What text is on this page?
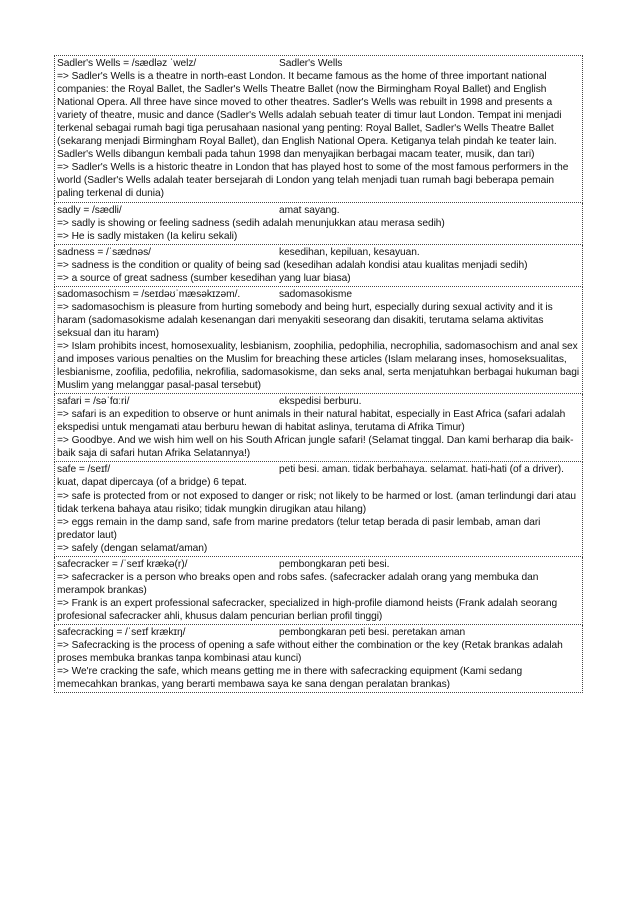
Sadler's Wells = /sædləz ˈwelz/	Sadler's Wells
=> Sadler's Wells is a theatre in north-east London. It became famous as the home of three important national companies: the Royal Ballet, the Sadler's Wells Theatre Ballet (now the Birmingham Royal Ballet) and English National Opera. All three have since moved to other theatres. Sadler's Wells was rebuilt in 1998 and presents a variety of theatre, music and dance (Sadler's Wells adalah sebuah teater di timur laut London. Tempat ini menjadi terkenal sebagai rumah bagi tiga perusahaan nasional yang penting: Royal Ballet, Sadler's Wells Theatre Ballet (sekarang menjadi Birmingham Royal Ballet), dan English National Opera. Ketiganya telah pindah ke teater lain. Sadler's Wells dibangun kembali pada tahun 1998 dan menyajikan berbagai macam teater, musik, dan tari)
=> Sadler's Wells is a historic theatre in London that has played host to some of the most famous performers in the world (Sadler's Wells adalah teater bersejarah di London yang telah menjadi tuan rumah bagi beberapa pemain paling terkenal di dunia)
sadly = /sædli/	amat sayang.
=> sadly is showing or feeling sadness (sedih adalah menunjukkan atau merasa sedih)
=> He is sadly mistaken (Ia keliru sekali)
sadness = /ˈsædnəs/	kesedihan, kepiluan, kesayuan.
=> sadness is the condition or quality of being sad (kesedihan adalah kondisi atau kualitas menjadi sedih)
=> a source of great sadness (sumber kesedihan yang luar biasa)
sadomasochism = /seɪdəʊˈmæsəkɪzəm/.	sadomasokisme
=> sadomasochism is pleasure from hurting somebody and being hurt, especially during sexual activity and it is haram (sadomasokisme adalah kesenangan dari menyakiti seseorang dan disakiti, terutama selama aktivitas seksual dan itu haram)
=> Islam prohibits incest, homosexuality, lesbianism, zoophilia, pedophilia, necrophilia, sadomasochism and anal sex and imposes various penalties on the Muslim for breaching these articles (Islam melarang inses, homoseksualitas, lesbianisme, zoofilia, pedofilia, nekrofilia, sadomasokisme, dan seks anal, serta menjatuhkan berbagai hukuman bagi Muslim yang melanggar pasal-pasal tersebut)
safari = /səˈfɑːri/	ekspedisi berburu.
=> safari is an expedition to observe or hunt animals in their natural habitat, especially in East Africa (safari adalah ekspedisi untuk mengamati atau berburu hewan di habitat aslinya, terutama di Afrika Timur)
=> Goodbye. And we wish him well on his South African jungle safari! (Selamat tinggal. Dan kami berharap dia baik-baik saja di safari hutan Afrika Selatannya!)
safe = /seɪf/	peti besi. aman. tidak berbahaya. selamat. hati-hati (of a driver). kuat, dapat dipercaya (of a bridge) 6 tepat.
=> safe is protected from or not exposed to danger or risk; not likely to be harmed or lost. (aman terlindungi dari atau tidak terkena bahaya atau risiko; tidak mungkin dirugikan atau hilang)
=> eggs remain in the damp sand, safe from marine predators (telur tetap berada di pasir lembab, aman dari predator laut)
=> safely (dengan selamat/aman)
safecracker = /ˈseɪf krækə(r)/	pembongkaran peti besi.
=> safecracker is a person who breaks open and robs safes. (safecracker adalah orang yang membuka dan merampok brankas)
=> Frank is an expert professional safecracker, specialized in high-profile diamond heists (Frank adalah seorang profesional safecracker ahli, khusus dalam pencurian berlian profil tinggi)
safecracking = /ˈseɪf krækɪŋ/	pembongkaran peti besi. peretakan aman
=> Safecracking is the process of opening a safe without either the combination or the key (Retak brankas adalah proses membuka brankas tanpa kombinasi atau kunci)
=> We're cracking the safe, which means getting me in there with safecracking equipment (Kami sedang memecahkan brankas, yang berarti membawa saya ke sana dengan peralatan brankas)
